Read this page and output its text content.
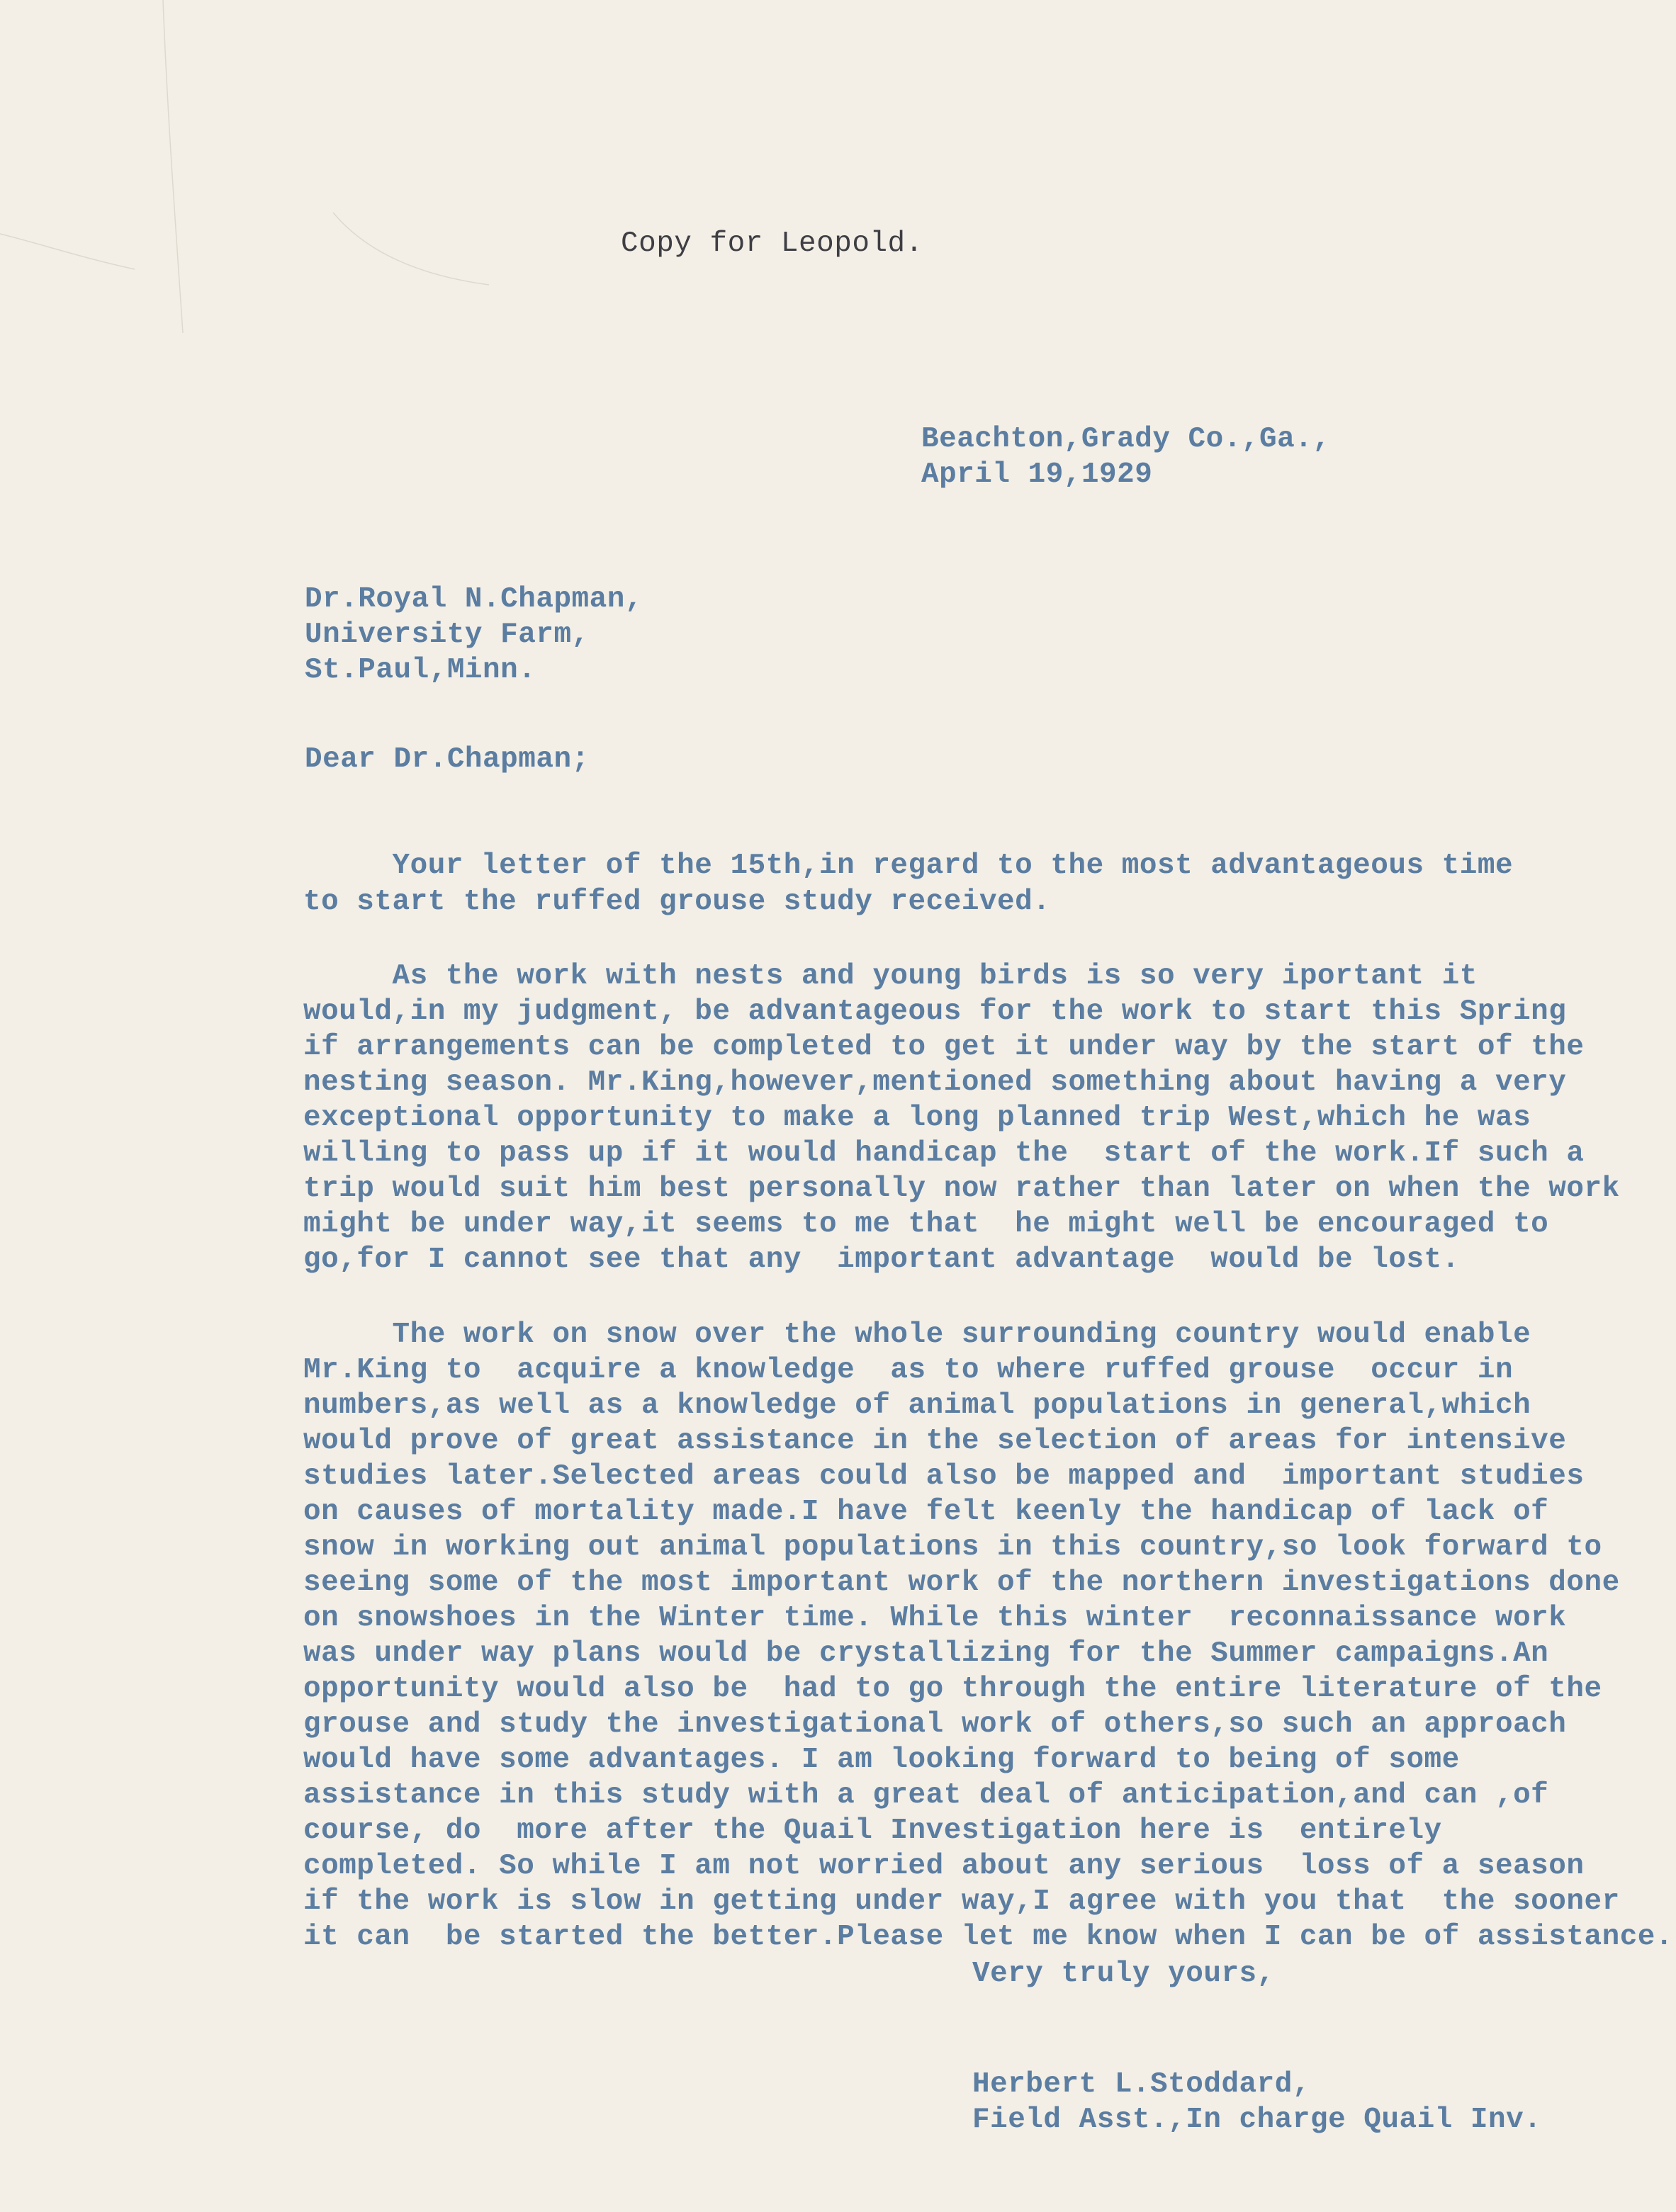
Copy for Leopold.
Beachton,Grady Co.,Ga.,
April 19,1929
Dr.Royal N.Chapman,
University Farm,
St.Paul,Minn.
Dear Dr.Chapman;
Your letter of the 15th,in regard to the most advantageous time
to start the ruffed grouse study received.
As the work with nests and young birds is so very iportant it
would,in my judgment, be advantageous for the work to start this Spring
if arrangements can be completed to get it under way by the start of the
nesting season. Mr.King,however,mentioned something about having a very
exceptional opportunity to make a long planned trip West,which he was
willing to pass up if it would handicap the  start of the work.If such a
trip would suit him best personally now rather than later on when the work
might be under way,it seems to me that  he might well be encouraged to
go,for I cannot see that any  important advantage  would be lost.
The work on snow over the whole surrounding country would enable
Mr.King to  acquire a knowledge  as to where ruffed grouse  occur in
numbers,as well as a knowledge of animal populations in general,which
would prove of great assistance in the selection of areas for intensive
studies later.Selected areas could also be mapped and  important studies
on causes of mortality made.I have felt keenly the handicap of lack of
snow in working out animal populations in this country,so look forward to
seeing some of the most important work of the northern investigations done
on snowshoes in the Winter time. While this winter  reconnaissance work
was under way plans would be crystallizing for the Summer campaigns.An
opportunity would also be  had to go through the entire literature of the
grouse and study the investigational work of others,so such an approach
would have some advantages. I am looking forward to being of some
assistance in this study with a great deal of anticipation,and can ,of
course, do  more after the Quail Investigation here is  entirely
completed. So while I am not worried about any serious  loss of a season
if the work is slow in getting under way,I agree with you that  the sooner
it can  be started the better.Please let me know when I can be of assistance.
Very truly yours,
Herbert L.Stoddard,
Field Asst.,In charge Quail Inv.
